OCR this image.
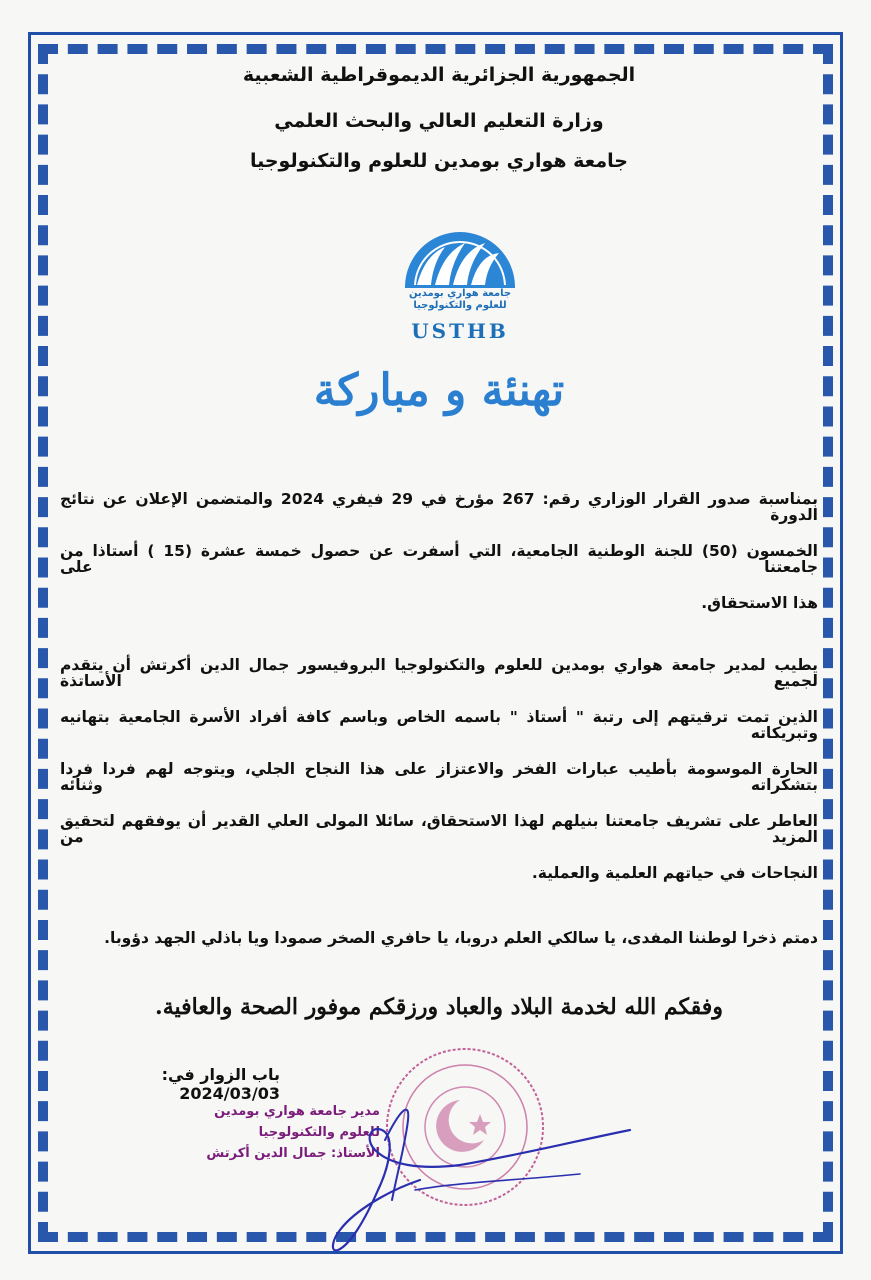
الجمهورية الجزائرية الديموقراطية الشعبية

وزارة التعليم العالي والبحث العلمي

جامعة هواري بومدين للعلوم والتكنولوجيا

جامعة هواري بومدين
للعلوم والتكنولوجيا
USTHB
تهنئة و مباركة
بمناسبة صدور القرار الوزاري رقم: 267 مؤرخ في 29 فيفري 2024 والمتضمن الإعلان عن نتائج الدورة
الخمسون (50) للجنة الوطنية الجامعية، التي أسفرت عن حصول خمسة عشرة (15 ) أستاذا من جامعتنا على
هذا الاستحقاق.
يطيب لمدير جامعة هواري بومدين للعلوم والتكنولوجيا البروفيسور جمال الدين أكرتش أن يتقدم لجميع الأساتذة
الذين تمت ترقيتهم إلى رتبة " أستاذ " باسمه الخاص وباسم كافة أفراد الأسرة الجامعية بتهانيه وتبريكاته
الحارة الموسومة بأطيب عبارات الفخر والاعتزاز على هذا النجاح الجلي، ويتوجه لهم فردا فردا بتشكراته وثنائه
العاطر على تشريف جامعتنا بنيلهم لهذا الاستحقاق، سائلا المولى العلي القدير أن يوفقهم لتحقيق المزيد من
النجاحات في حياتهم العلمية والعملية.
دمتم ذخرا لوطننا المفدى، يا سالكي العلم دروبا، يا حافري الصخر صمودا ويا باذلي الجهد دؤوبا.
وفقكم الله لخدمة البلاد والعباد ورزقكم موفور الصحة والعافية.
باب الزوار في: 2024/03/03
مدير جامعة هواري بومدين
للعلوم والتكنولوجيا
الأستاذ: جمال الدين أكرتش
